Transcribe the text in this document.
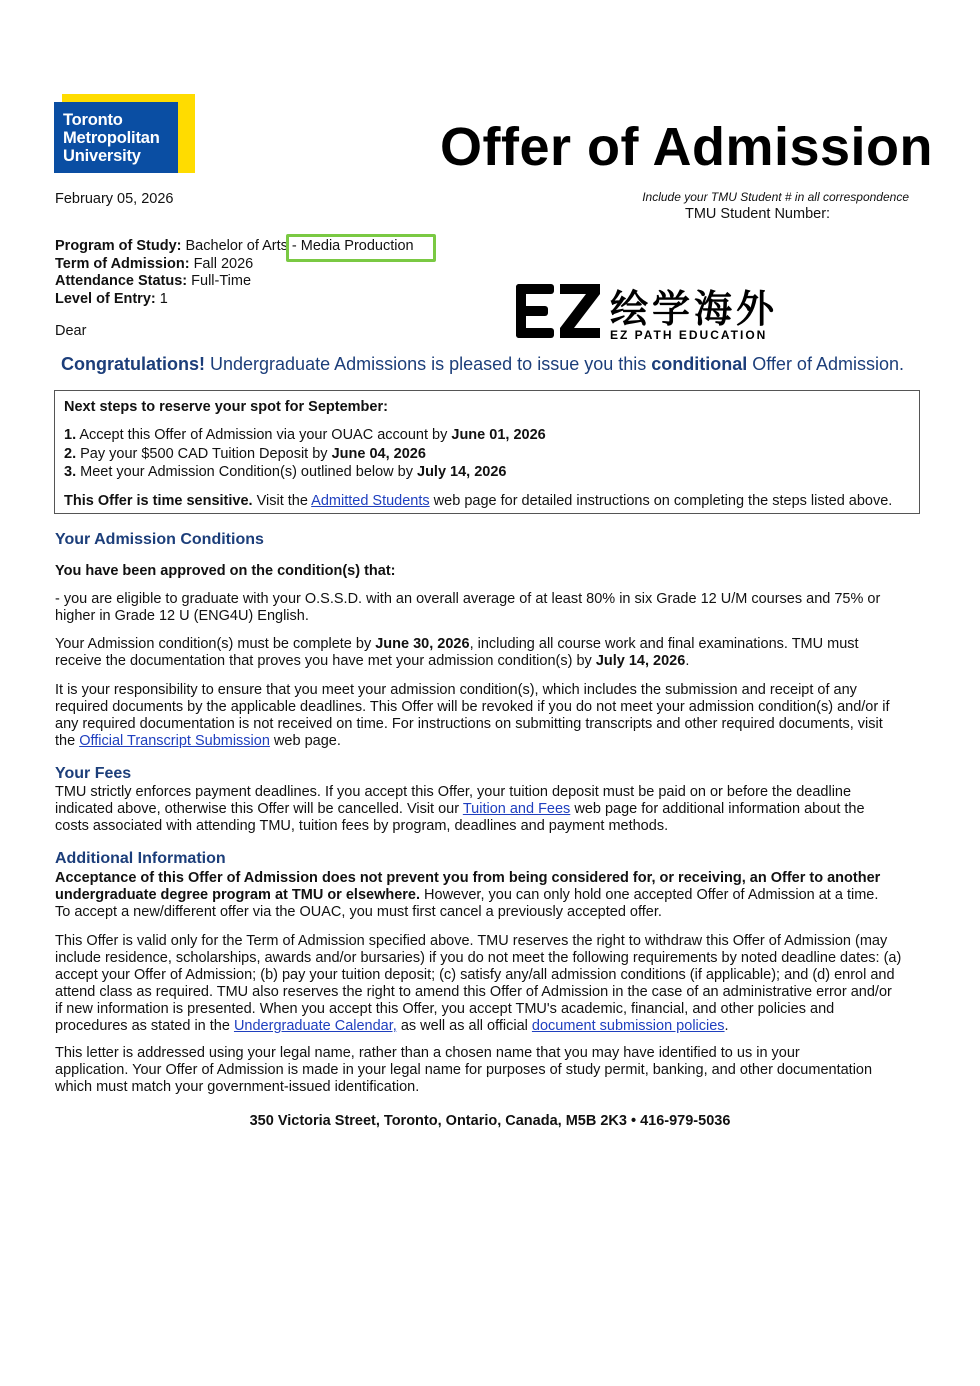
Toronto
Metropolitan
University	Offer of Admission
February 05, 2026	Include your TMU Student # in all correspondence
TMU Student Number:
Program of Study: Bachelor of Arts - Media Production
Term of Admission: Fall 2026
Attendance Status: Full-Time
Level of Entry: 1
Dear	绘学海外
EZ PATH EDUCATION
Congratulations! Undergraduate Admissions is pleased to issue you this conditional Offer of Admission.
Next steps to reserve your spot for September:
1. Accept this Offer of Admission via your OUAC account by June 01, 2026
2. Pay your $500 CAD Tuition Deposit by June 04, 2026
3. Meet your Admission Condition(s) outlined below by July 14, 2026
This Offer is time sensitive. Visit the Admitted Students web page for detailed instructions on completing the steps listed above.
Your Admission Conditions
You have been approved on the condition(s) that:
- you are eligible to graduate with your O.S.S.D. with an overall average of at least 80% in six Grade 12 U/M courses and 75% or
higher in Grade 12 U (ENG4U) English.
Your Admission condition(s) must be complete by June 30, 2026, including all course work and final examinations. TMU must
receive the documentation that proves you have met your admission condition(s) by July 14, 2026.
It is your responsibility to ensure that you meet your admission condition(s), which includes the submission and receipt of any
required documents by the applicable deadlines. This Offer will be revoked if you do not meet your admission condition(s) and/or if
any required documentation is not received on time. For instructions on submitting transcripts and other required documents, visit
the Official Transcript Submission web page.
Your Fees
TMU strictly enforces payment deadlines. If you accept this Offer, your tuition deposit must be paid on or before the deadline
indicated above, otherwise this Offer will be cancelled. Visit our Tuition and Fees web page for additional information about the
costs associated with attending TMU, tuition fees by program, deadlines and payment methods.
Additional Information
Acceptance of this Offer of Admission does not prevent you from being considered for, or receiving, an Offer to another
undergraduate degree program at TMU or elsewhere. However, you can only hold one accepted Offer of Admission at a time.
To accept a new/different offer via the OUAC, you must first cancel a previously accepted offer.
This Offer is valid only for the Term of Admission specified above. TMU reserves the right to withdraw this Offer of Admission (may
include residence, scholarships, awards and/or bursaries) if you do not meet the following requirements by noted deadline dates: (a)
accept your Offer of Admission; (b) pay your tuition deposit; (c) satisfy any/all admission conditions (if applicable); and (d) enrol and
attend class as required. TMU also reserves the right to amend this Offer of Admission in the case of an administrative error and/or
if new information is presented. When you accept this Offer, you accept TMU's academic, financial, and other policies and
procedures as stated in the Undergraduate Calendar, as well as all official document submission policies.
This letter is addressed using your legal name, rather than a chosen name that you may have identified to us in your
application. Your Offer of Admission is made in your legal name for purposes of study permit, banking, and other documentation
which must match your government-issued identification.
350 Victoria Street, Toronto, Ontario, Canada, M5B 2K3 • 416-979-5036
